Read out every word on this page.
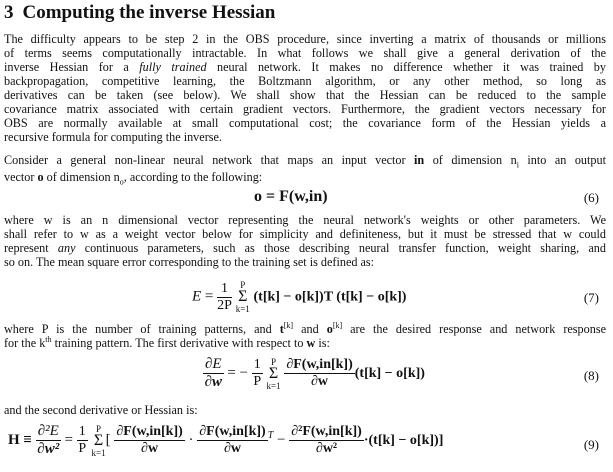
3 Computing the inverse Hessian
The difficulty appears to be step 2 in the OBS procedure, since inverting a matrix of thousands or millions
of terms seems computationally intractable. In what follows we shall give a general derivation of the
inverse Hessian for a fully trained neural network. It makes no difference whether it was trained by
backpropagation, competitive learning, the Boltzmann algorithm, or any other method, so long as
derivatives can be taken (see below). We shall show that the Hessian can be reduced to the sample
covariance matrix associated with certain gradient vectors. Furthermore, the gradient vectors necessary for
OBS are normally available at small computational cost; the covariance form of the Hessian yields a
recursive formula for computing the inverse.
Consider a general non-linear neural network that maps an input vector in of dimension $n_i$ into an output
vector o of dimension $n_o$, according to the following:
o = F(w,in)	(6)
where w is an n dimensional vector representing the neural network's weights or other parameters. We
shall refer to w as a weight vector below for simplicity and definiteness, but it must be stressed that w could
represent any continuous parameters, such as those describing neural transfer function, weight sharing, and
so on. The mean square error corresponding to the training set is defined as:
$E = \frac{1}{2P}$
P
Σ
k=1
(t[k] − o[k])T (t[k] − o[k])	(7)
where P is the number of training patterns, and t[k] and o[k] are the desired response and network response
for the $k^{th}$ training pattern. The first derivative with respect to w is:
$\frac{\partial E}{\partial w}$ = − $\frac{1}{P}$
P
Σ
k=1
$\frac{\partial F(w,in[k])}{\partial w} (t[k] - o[k])$	(8)
and the second derivative or Hessian is:
$H \equiv \frac{\text{∂²E}}{\text{∂w²}} = \frac{1}{P}$
P
Σ
k=1
[ $\frac{\partial F(w,in[k])}{\partial w} \cdot \frac{\partial F(w,in[k])}{\partial w} ^T - \frac{\text{∂²F(w,in[k])}}{\text{∂w²}} \cdot(t[k] - o[k])$]	(9)
